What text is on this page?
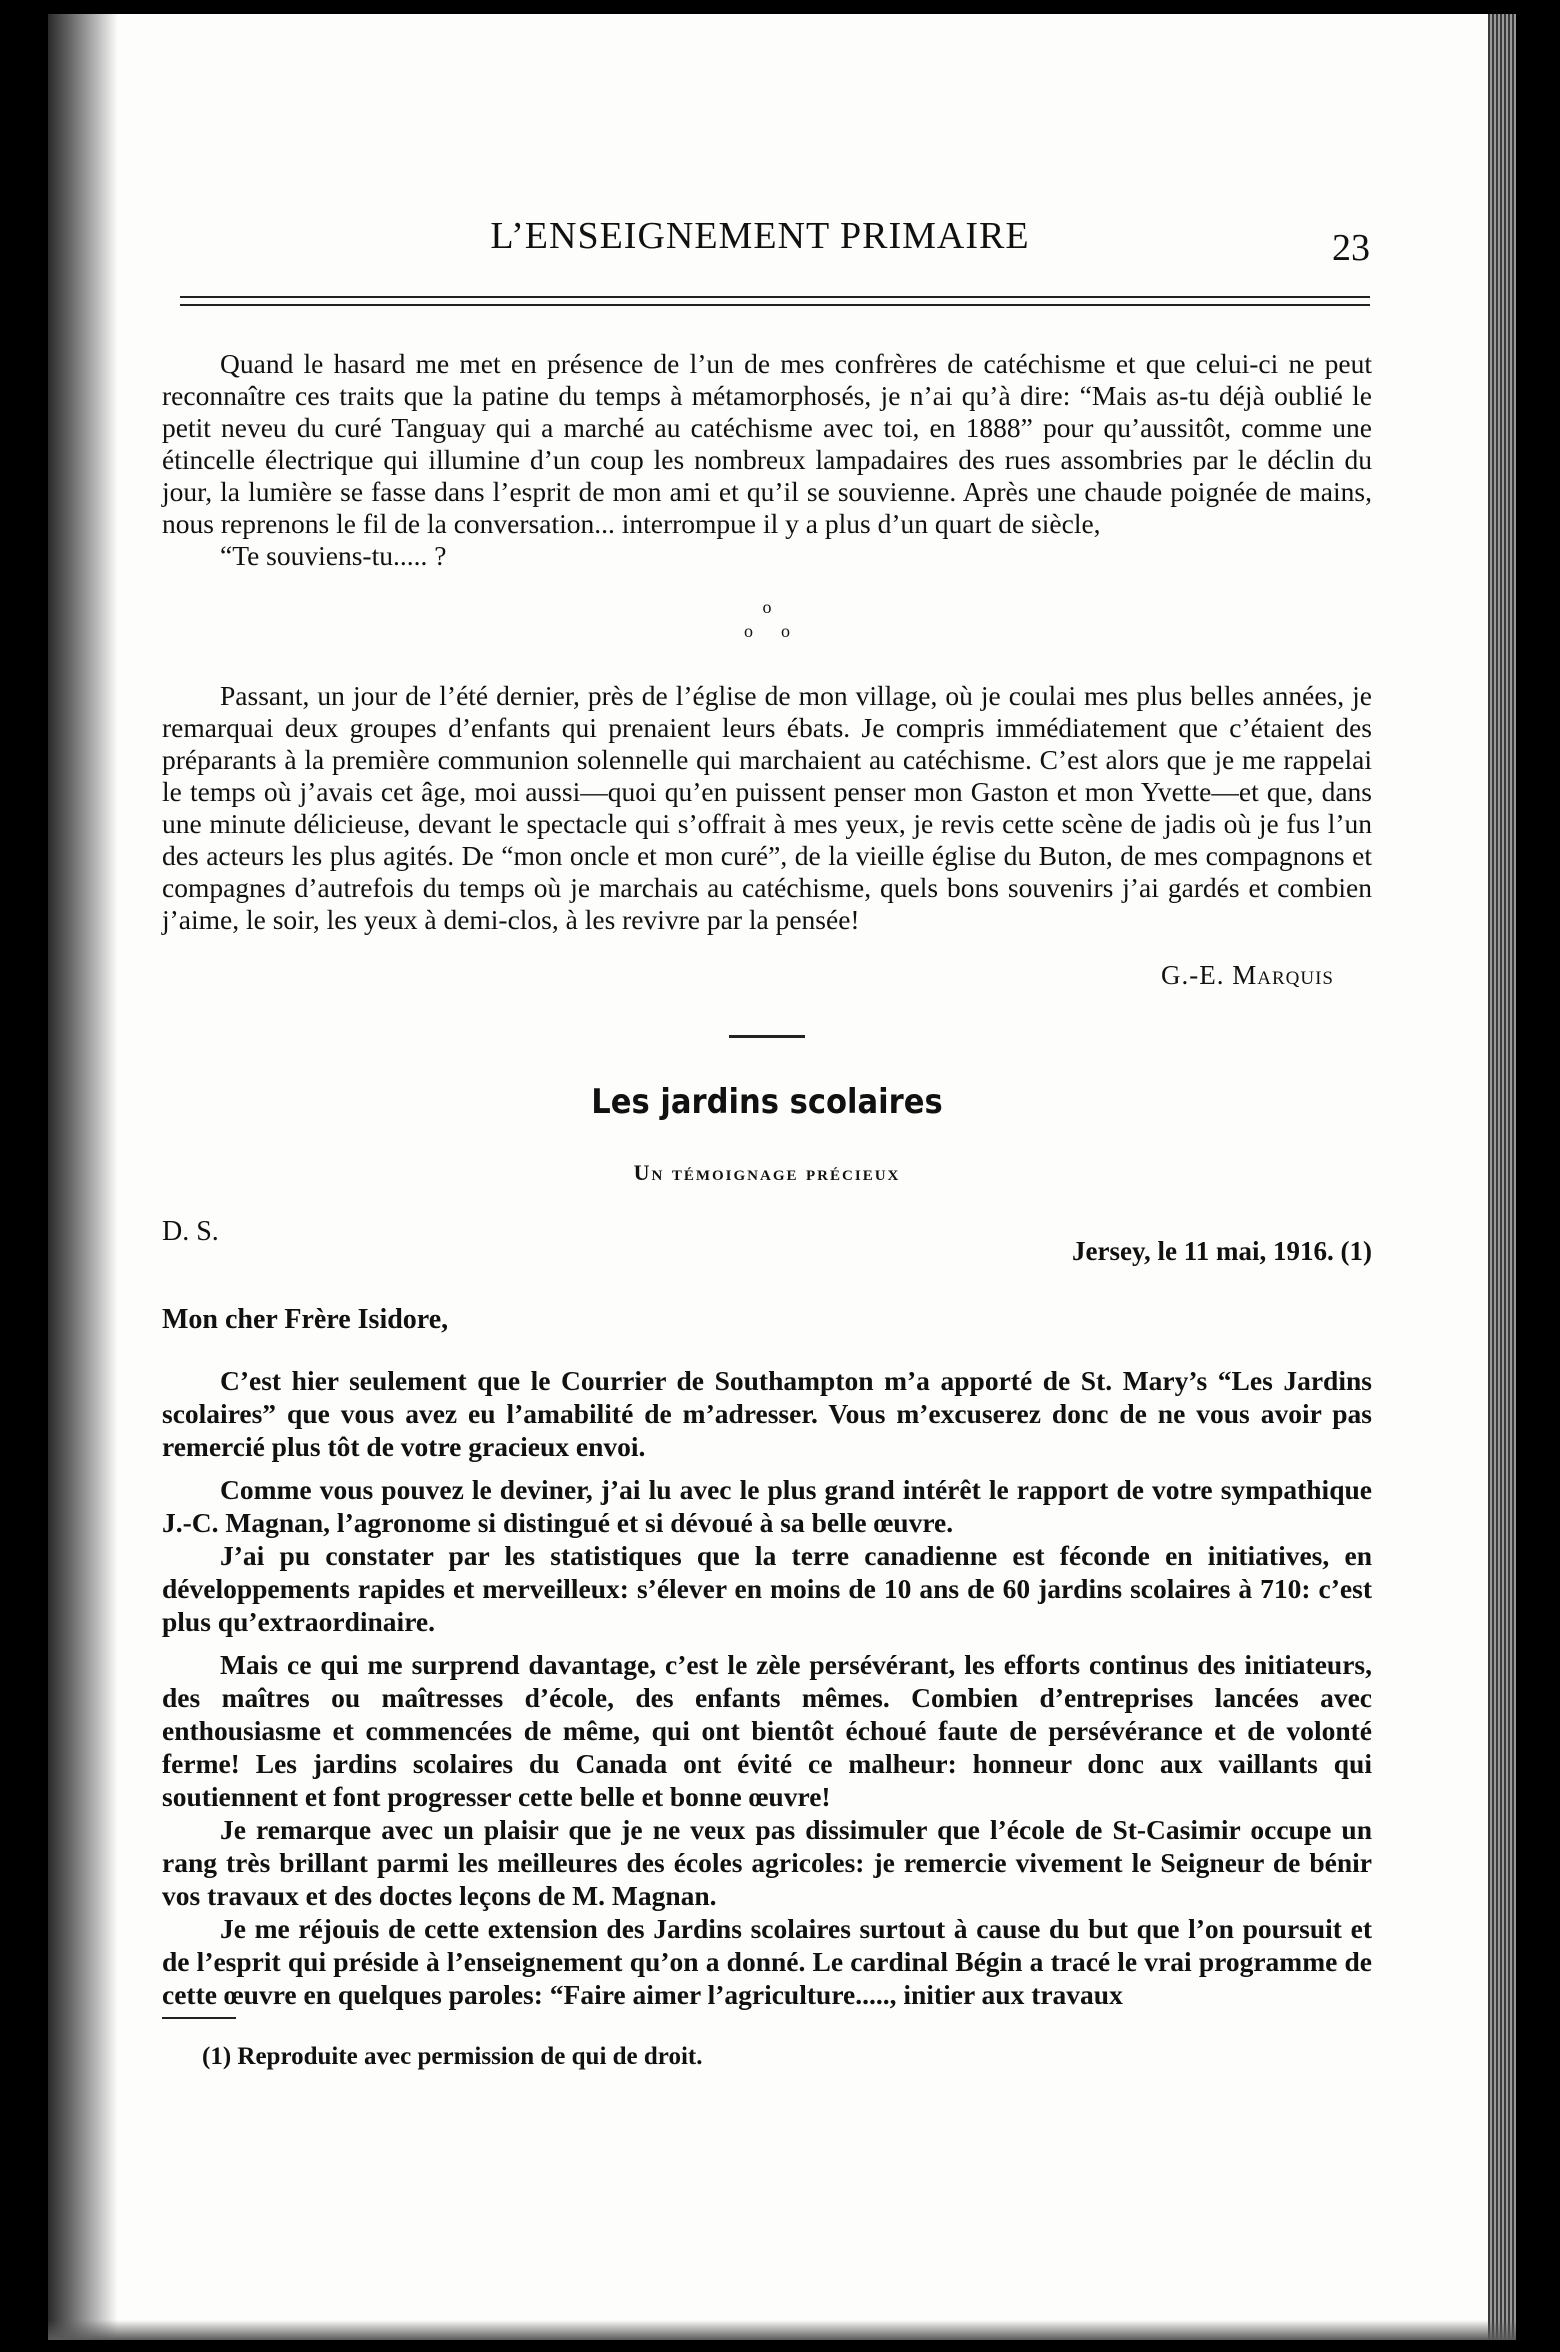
L’ENSEIGNEMENT PRIMAIRE	23

Quand le hasard me met en présence de l’un de mes confrères de catéchisme et que celui-ci ne peut reconnaître ces traits que la patine du temps à métamorphosés, je n’ai qu’à dire: “Mais as-tu déjà oublié le petit neveu du curé Tanguay qui a marché au catéchisme avec toi, en 1888” pour qu’aussitôt, comme une étincelle électrique qui illumine d’un coup les nombreux lampadaires des rues assombries par le déclin du jour, la lumière se fasse dans l’esprit de mon ami et qu’il se souvienne. Après une chaude poignée de mains, nous reprenons le fil de la conversation... interrompue il y a plus d’un quart de siècle,

“Te souviens-tu..... ?

o
oo

Passant, un jour de l’été dernier, près de l’église de mon village, où je coulai mes plus belles années, je remarquai deux groupes d’enfants qui prenaient leurs ébats. Je compris immédiatement que c’étaient des préparants à la première communion solennelle qui marchaient au catéchisme. C’est alors que je me rappelai le temps où j’avais cet âge, moi aussi—quoi qu’en puissent penser mon Gaston et mon Yvette—et que, dans une minute délicieuse, devant le spectacle qui s’offrait à mes yeux, je revis cette scène de jadis où je fus l’un des acteurs les plus agités. De “mon oncle et mon curé”, de la vieille église du Buton, de mes compagnons et compagnes d’autrefois du temps où je marchais au catéchisme, quels bons souvenirs j’ai gardés et combien j’aime, le soir, les yeux à demi-clos, à les revivre par la pensée!

G.-E. Marquis
Les jardins scolaires
Un témoignage précieux
D. S.
Jersey, le 11 mai, 1916. (1)
Mon cher Frère Isidore,

C’est hier seulement que le Courrier de Southampton m’a apporté de St. Mary’s “Les Jardins scolaires” que vous avez eu l’amabilité de m’adresser. Vous m’excuserez donc de ne vous avoir pas remercié plus tôt de votre gracieux envoi.

Comme vous pouvez le deviner, j’ai lu avec le plus grand intérêt le rapport de votre sympathique J.-C. Magnan, l’agronome si distingué et si dévoué à sa belle œuvre.

J’ai pu constater par les statistiques que la terre canadienne est féconde en initiatives, en développements rapides et merveilleux: s’élever en moins de 10 ans de 60 jardins scolaires à 710: c’est plus qu’extraordinaire.

Mais ce qui me surprend davantage, c’est le zèle persévérant, les efforts continus des initiateurs, des maîtres ou maîtresses d’école, des enfants mêmes. Combien d’entreprises lancées avec enthousiasme et commencées de même, qui ont bientôt échoué faute de persévérance et de volonté ferme! Les jardins scolaires du Canada ont évité ce malheur: honneur donc aux vaillants qui soutiennent et font progresser cette belle et bonne œuvre!

Je remarque avec un plaisir que je ne veux pas dissimuler que l’école de St-Casimir occupe un rang très brillant parmi les meilleures des écoles agricoles: je remercie vivement le Seigneur de bénir vos travaux et des doctes leçons de M. Magnan.

Je me réjouis de cette extension des Jardins scolaires surtout à cause du but que l’on poursuit et de l’esprit qui préside à l’enseignement qu’on a donné. Le cardinal Bégin a tracé le vrai programme de cette œuvre en quelques paroles: “Faire aimer l’agriculture....., initier aux travaux

(1) Reproduite avec permission de qui de droit.
